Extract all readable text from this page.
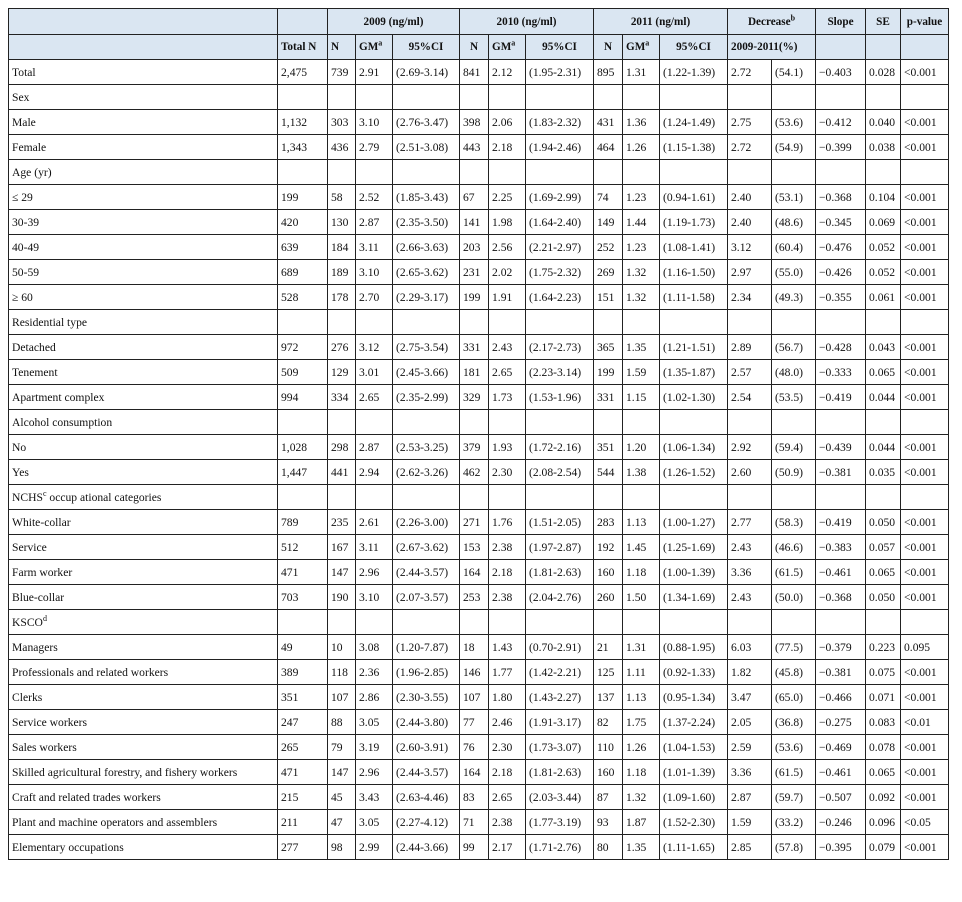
		2009 (ng/ml)			2010 (ng/ml)			2011 (ng/ml)			Decrease$^b$		Slope	SE	p-value
	Total N	N	$GM^a$	95%CI	N	$GM^a$	95%CI	N	$GM^a$	95%CI	2009-2011(%)				
Total	2,475	739	2.91	(2.69-3.14)	841	2.12	(1.95-2.31)	895	1.31	(1.22-1.39)	2.72	(54.1)	−0.403	0.028	<0.001
Sex															
Male	1,132	303	3.10	(2.76-3.47)	398	2.06	(1.83-2.32)	431	1.36	(1.24-1.49)	2.75	(53.6)	−0.412	0.040	<0.001
Female	1,343	436	2.79	(2.51-3.08)	443	2.18	(1.94-2.46)	464	1.26	(1.15-1.38)	2.72	(54.9)	−0.399	0.038	<0.001
Age (yr)															
≤ 29	199	58	2.52	(1.85-3.43)	67	2.25	(1.69-2.99)	74	1.23	(0.94-1.61)	2.40	(53.1)	−0.368	0.104	<0.001
30-39	420	130	2.87	(2.35-3.50)	141	1.98	(1.64-2.40)	149	1.44	(1.19-1.73)	2.40	(48.6)	−0.345	0.069	<0.001
40-49	639	184	3.11	(2.66-3.63)	203	2.56	(2.21-2.97)	252	1.23	(1.08-1.41)	3.12	(60.4)	−0.476	0.052	<0.001
50-59	689	189	3.10	(2.65-3.62)	231	2.02	(1.75-2.32)	269	1.32	(1.16-1.50)	2.97	(55.0)	−0.426	0.052	<0.001
≥ 60	528	178	2.70	(2.29-3.17)	199	1.91	(1.64-2.23)	151	1.32	(1.11-1.58)	2.34	(49.3)	−0.355	0.061	<0.001
Residential type															
Detached	972	276	3.12	(2.75-3.54)	331	2.43	(2.17-2.73)	365	1.35	(1.21-1.51)	2.89	(56.7)	−0.428	0.043	<0.001
Tenement	509	129	3.01	(2.45-3.66)	181	2.65	(2.23-3.14)	199	1.59	(1.35-1.87)	2.57	(48.0)	−0.333	0.065	<0.001
Apartment complex	994	334	2.65	(2.35-2.99)	329	1.73	(1.53-1.96)	331	1.15	(1.02-1.30)	2.54	(53.5)	−0.419	0.044	<0.001
Alcohol consumption															
No	1,028	298	2.87	(2.53-3.25)	379	1.93	(1.72-2.16)	351	1.20	(1.06-1.34)	2.92	(59.4)	−0.439	0.044	<0.001
Yes	1,447	441	2.94	(2.62-3.26)	462	2.30	(2.08-2.54)	544	1.38	(1.26-1.52)	2.60	(50.9)	−0.381	0.035	<0.001
NCHS$^c$ occup ational categories															
White-collar	789	235	2.61	(2.26-3.00)	271	1.76	(1.51-2.05)	283	1.13	(1.00-1.27)	2.77	(58.3)	−0.419	0.050	<0.001
Service	512	167	3.11	(2.67-3.62)	153	2.38	(1.97-2.87)	192	1.45	(1.25-1.69)	2.43	(46.6)	−0.383	0.057	<0.001
Farm worker	471	147	2.96	(2.44-3.57)	164	2.18	(1.81-2.63)	160	1.18	(1.00-1.39)	3.36	(61.5)	−0.461	0.065	<0.001
Blue-collar	703	190	3.10	(2.07-3.57)	253	2.38	(2.04-2.76)	260	1.50	(1.34-1.69)	2.43	(50.0)	−0.368	0.050	<0.001
KSCO$^d$															
Managers	49	10	3.08	(1.20-7.87)	18	1.43	(0.70-2.91)	21	1.31	(0.88-1.95)	6.03	(77.5)	−0.379	0.223	0.095
Professionals and related workers	389	118	2.36	(1.96-2.85)	146	1.77	(1.42-2.21)	125	1.11	(0.92-1.33)	1.82	(45.8)	−0.381	0.075	<0.001
Clerks	351	107	2.86	(2.30-3.55)	107	1.80	(1.43-2.27)	137	1.13	(0.95-1.34)	3.47	(65.0)	−0.466	0.071	<0.001
Service workers	247	88	3.05	(2.44-3.80)	77	2.46	(1.91-3.17)	82	1.75	(1.37-2.24)	2.05	(36.8)	−0.275	0.083	<0.01
Sales workers	265	79	3.19	(2.60-3.91)	76	2.30	(1.73-3.07)	110	1.26	(1.04-1.53)	2.59	(53.6)	−0.469	0.078	<0.001
Skilled agricultural forestry, and fishery workers	471	147	2.96	(2.44-3.57)	164	2.18	(1.81-2.63)	160	1.18	(1.01-1.39)	3.36	(61.5)	−0.461	0.065	<0.001
Craft and related trades workers	215	45	3.43	(2.63-4.46)	83	2.65	(2.03-3.44)	87	1.32	(1.09-1.60)	2.87	(59.7)	−0.507	0.092	<0.001
Plant and machine operators and assemblers	211	47	3.05	(2.27-4.12)	71	2.38	(1.77-3.19)	93	1.87	(1.52-2.30)	1.59	(33.2)	−0.246	0.096	<0.05
Elementary occupations	277	98	2.99	(2.44-3.66)	99	2.17	(1.71-2.76)	80	1.35	(1.11-1.65)	2.85	(57.8)	−0.395	0.079	<0.001
